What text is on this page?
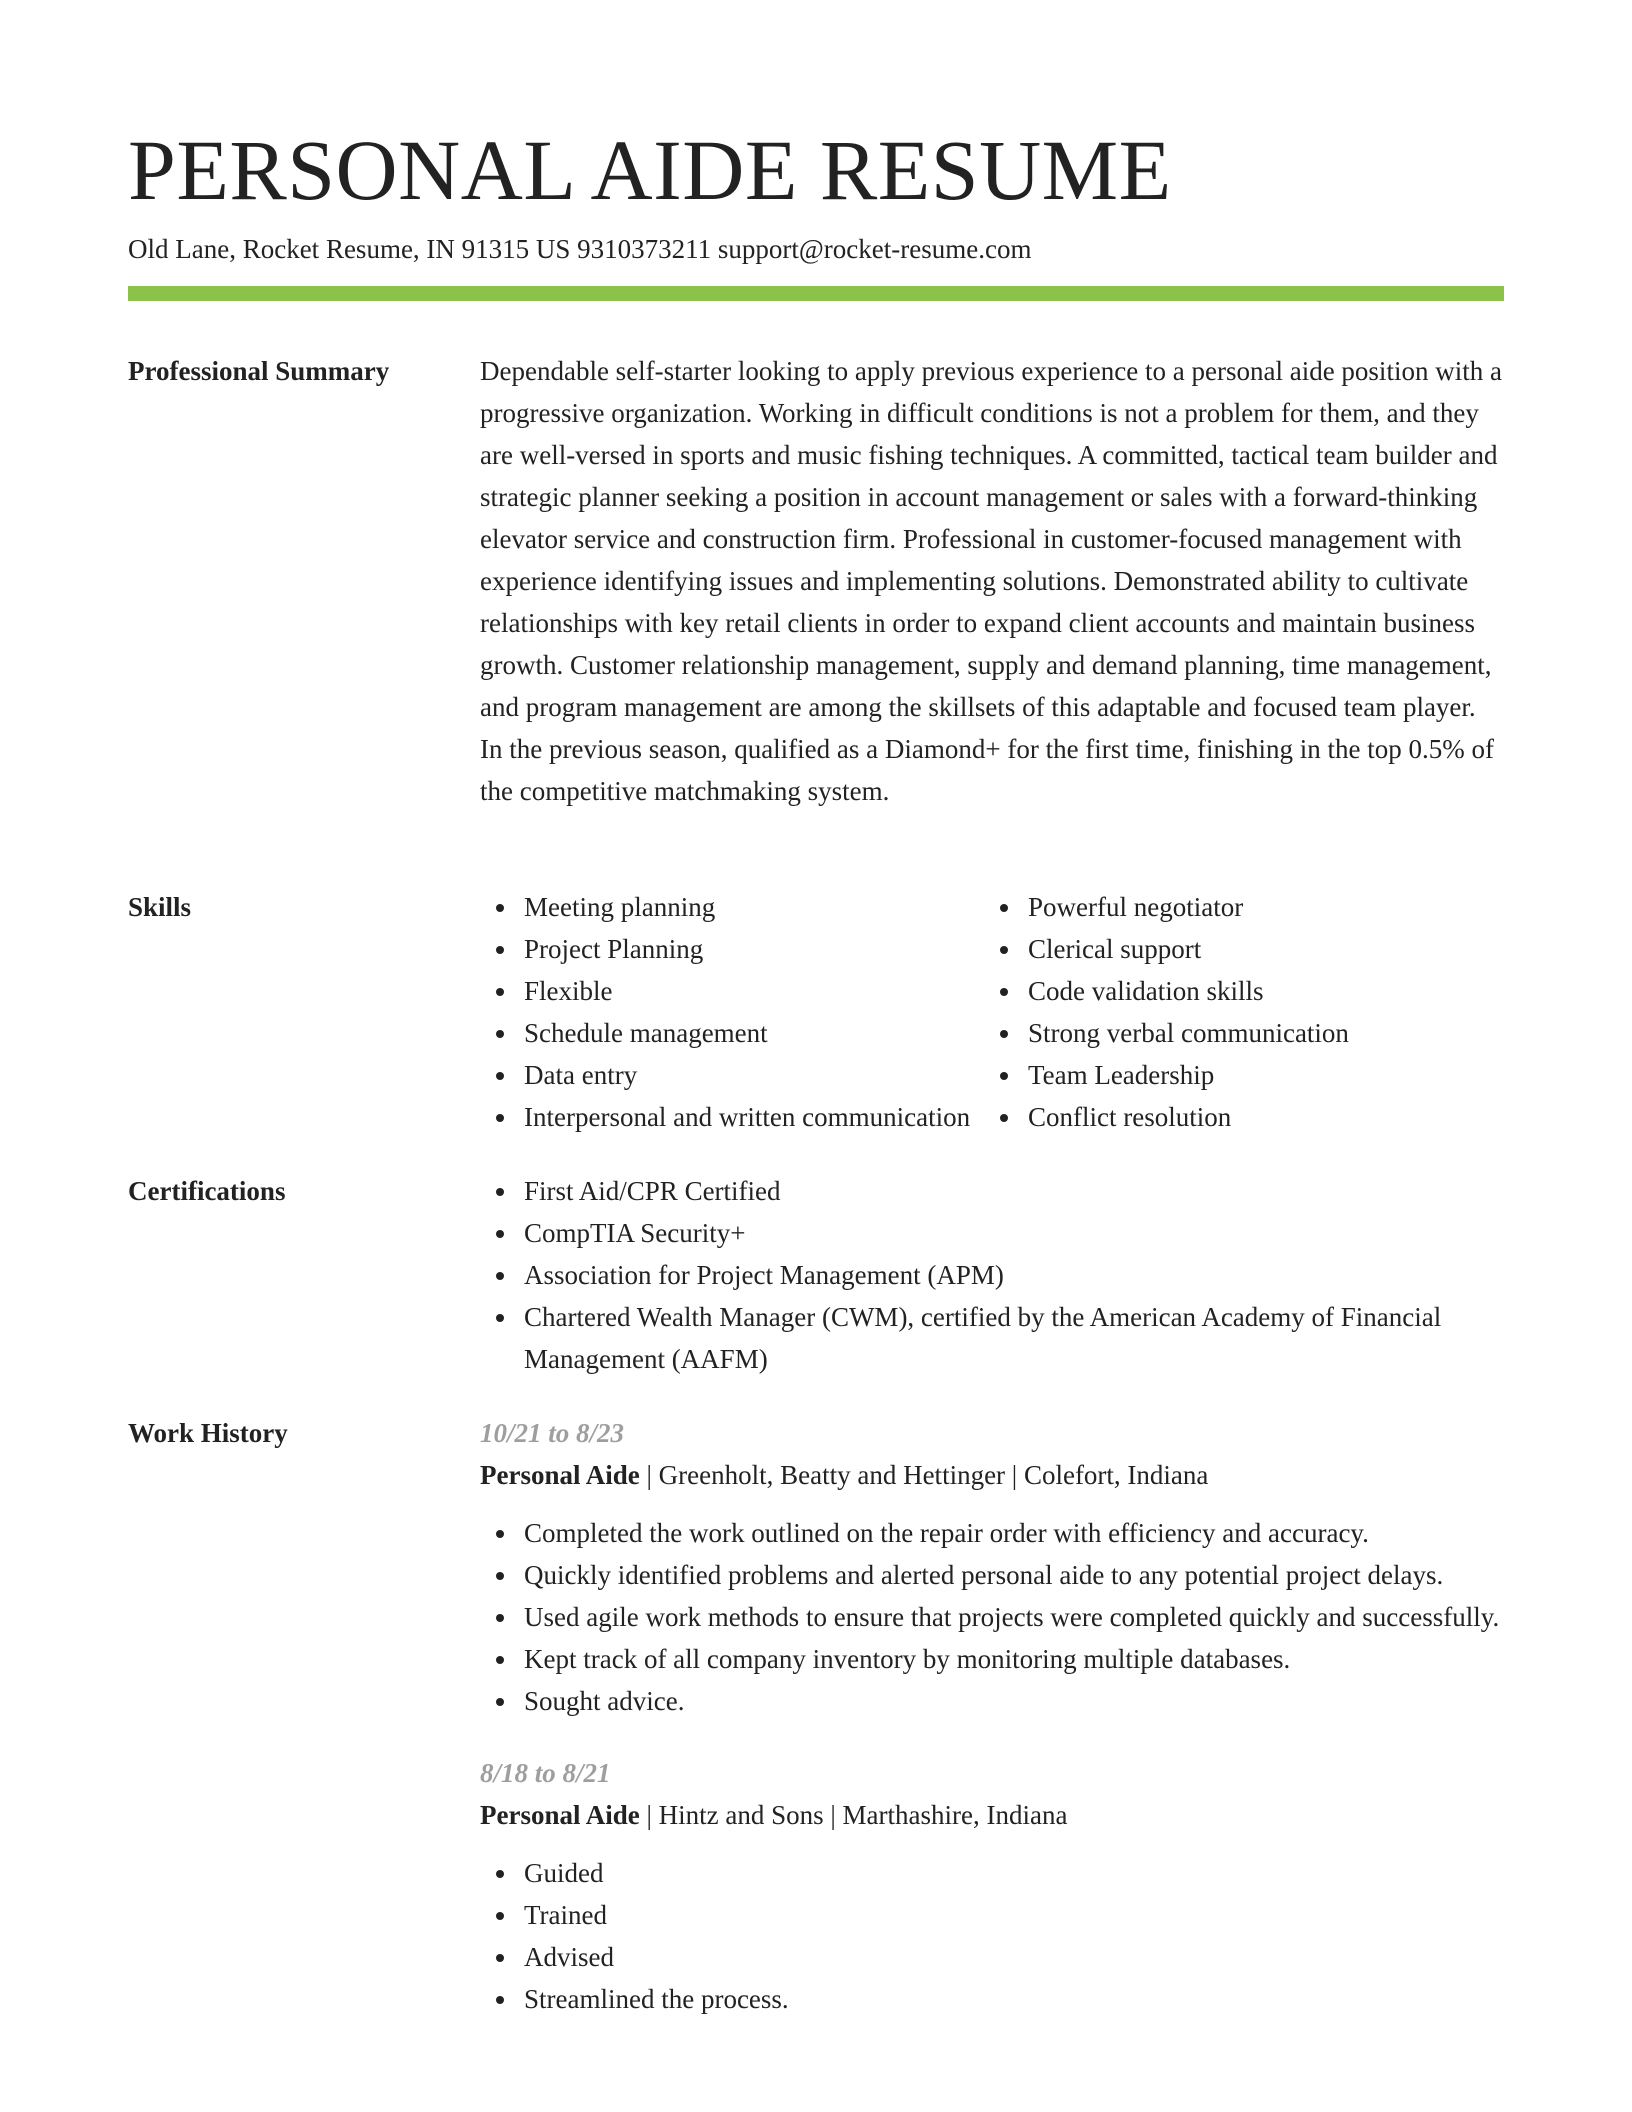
PERSONAL AIDE RESUME
Old Lane, Rocket Resume, IN 91315 US 9310373211 support@rocket-resume.com
Professional Summary	Dependable self-starter looking to apply previous experience to a personal aide position with a progressive organization. Working in difficult conditions is not a problem for them, and they are well-versed in sports and music fishing techniques. A committed, tactical team builder and strategic planner seeking a position in account management or sales with a forward-thinking elevator service and construction firm. Professional in customer-focused management with experience identifying issues and implementing solutions. Demonstrated ability to cultivate relationships with key retail clients in order to expand client accounts and maintain business growth. Customer relationship management, supply and demand planning, time management, and program management are among the skillsets of this adaptable and focused team player. In the previous season, qualified as a Diamond+ for the first time, finishing in the top 0.5% of the competitive matchmaking system.

Skills	Meeting planning
Project Planning
Flexible
Schedule management
Data entry
Interpersonal and written communication
Powerful negotiator
Clerical support
Code validation skills
Strong verbal communication
Team Leadership
Conflict resolution
Certifications	First Aid/CPR Certified
CompTIA Security+
Association for Project Management (APM)
Chartered Wealth Manager (CWM), certified by the American Academy of Financial Management (AAFM)
Work History	10/21 to 8/23
Personal Aide | Greenholt, Beatty and Hettinger | Colefort, Indiana
Completed the work outlined on the repair order with efficiency and accuracy.
Quickly identified problems and alerted personal aide to any potential project delays.
Used agile work methods to ensure that projects were completed quickly and successfully.
Kept track of all company inventory by monitoring multiple databases.
Sought advice.
8/18 to 8/21
Personal Aide | Hintz and Sons | Marthashire, Indiana
Guided
Trained
Advised
Streamlined the process.
